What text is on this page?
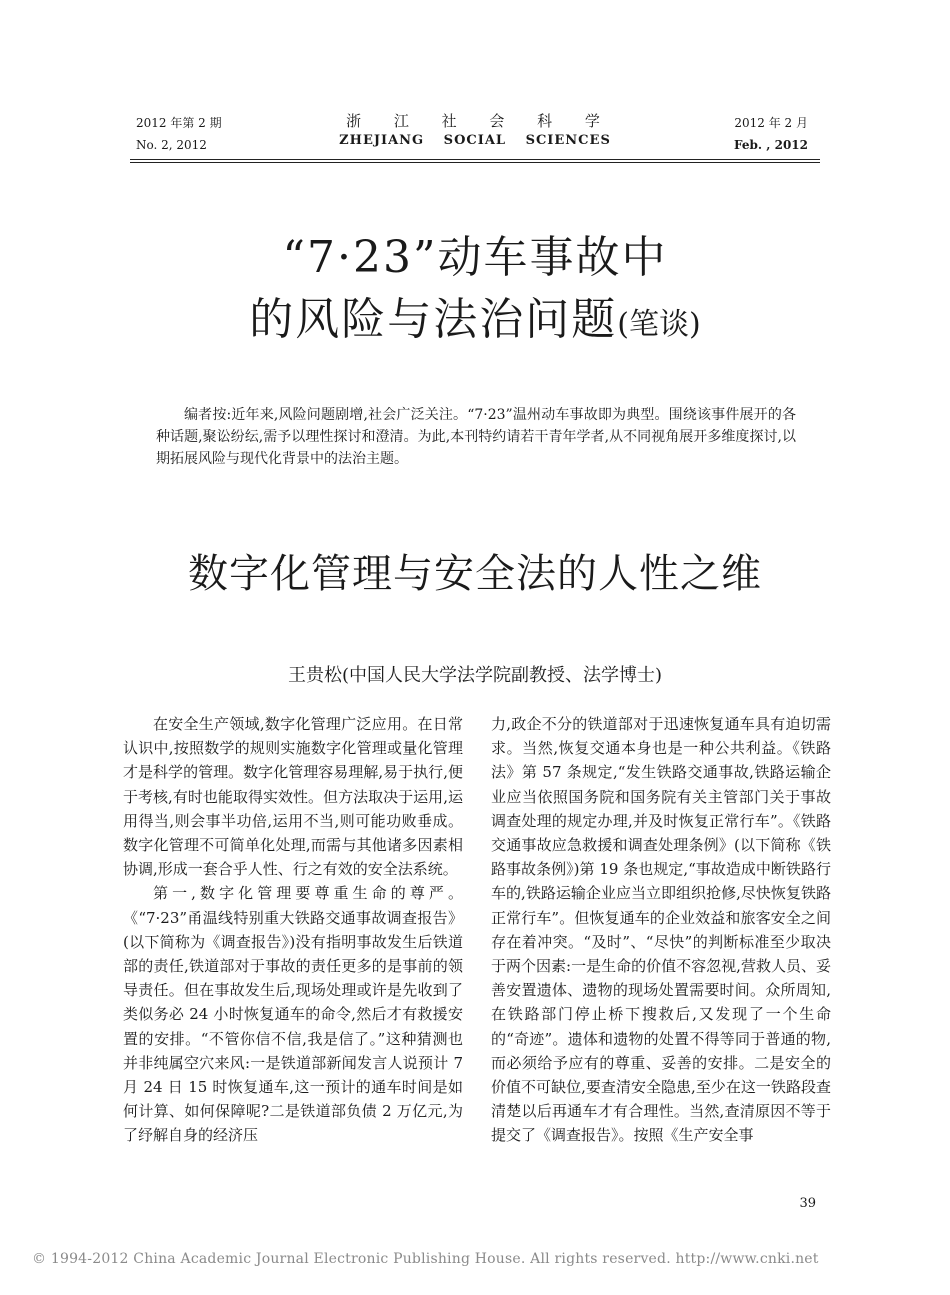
2012 年第 2 期
No. 2, 2012
浙 江 社 会 科 学
ZHEJIANG SOCIAL SCIENCES
2012 年 2 月
Feb. , 2012
“7·23”动车事故中
的风险与法治问题(笔谈)

编者按:近年来,风险问题剧增,社会广泛关注。“7·23”温州动车事故即为典型。围绕该事件展开的各种话题,聚讼纷纭,需予以理性探讨和澄清。为此,本刊特约请若干青年学者,从不同视角展开多维度探讨,以期拓展风险与现代化背景中的法治主题。

数字化管理与安全法的人性之维
王贵松(中国人民大学法学院副教授、法学博士)

在安全生产领域,数字化管理广泛应用。在日常认识中,按照数学的规则实施数字化管理或量化管理才是科学的管理。数字化管理容易理解,易于执行,便于考核,有时也能取得实效性。但方法取决于运用,运用得当,则会事半功倍,运用不当,则可能功败垂成。数字化管理不可简单化处理,而需与其他诸多因素相协调,形成一套合乎人性、行之有效的安全法系统。

第一,数字化管理要尊重生命的尊严。《“7·23”甬温线特别重大铁路交通事故调查报告》(以下简称为《调查报告》)没有指明事故发生后铁道部的责任,铁道部对于事故的责任更多的是事前的领导责任。但在事故发生后,现场处理或许是先收到了类似务必 24 小时恢复通车的命令,然后才有救援安置的安排。“不管你信不信,我是信了。”这种猜测也并非纯属空穴来风:一是铁道部新闻发言人说预计 7 月 24 日 15 时恢复通车,这一预计的通车时间是如何计算、如何保障呢?二是铁道部负债 2 万亿元,为了纾解自身的经济压

力,政企不分的铁道部对于迅速恢复通车具有迫切需求。当然,恢复交通本身也是一种公共利益。《铁路法》第 57 条规定,“发生铁路交通事故,铁路运输企业应当依照国务院和国务院有关主管部门关于事故调查处理的规定办理,并及时恢复正常行车”。《铁路交通事故应急救援和调查处理条例》(以下简称《铁路事故条例》)第 19 条也规定,“事故造成中断铁路行车的,铁路运输企业应当立即组织抢修,尽快恢复铁路正常行车”。但恢复通车的企业效益和旅客安全之间存在着冲突。“及时”、“尽快”的判断标准至少取决于两个因素:一是生命的价值不容忽视,营救人员、妥善安置遗体、遗物的现场处置需要时间。众所周知,在铁路部门停止桥下搜救后,又发现了一个生命的“奇迹”。遗体和遗物的处置不得等同于普通的物,而必须给予应有的尊重、妥善的安排。二是安全的价值不可缺位,要查清安全隐患,至少在这一铁路段查清楚以后再通车才有合理性。当然,查清原因不等于提交了《调查报告》。按照《生产安全事

39
© 1994-2012 China Academic Journal Electronic Publishing House. All rights reserved. http://www.cnki.net
